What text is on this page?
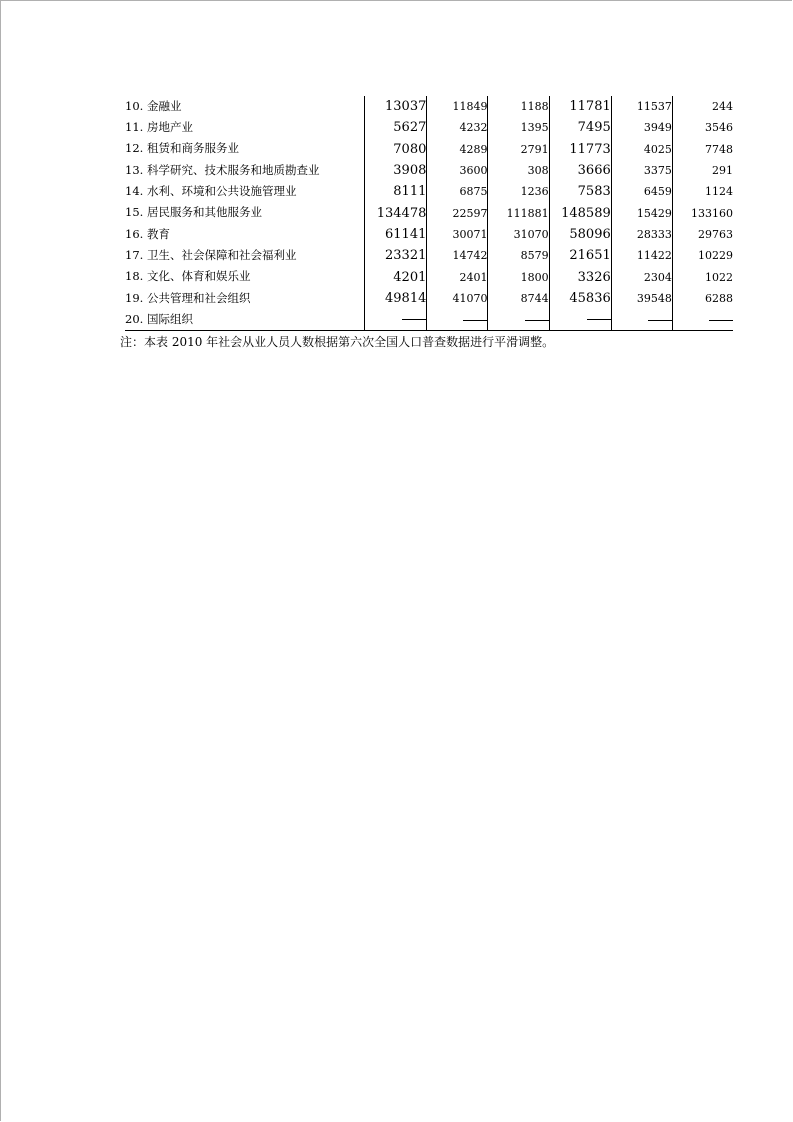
10. 金融业	13037	11849	1188	11781	11537	244
11. 房地产业	5627	4232	1395	7495	3949	3546
12. 租赁和商务服务业	7080	4289	2791	11773	4025	7748
13. 科学研究、技术服务和地质勘查业	3908	3600	308	3666	3375	291
14. 水利、环境和公共设施管理业	8111	6875	1236	7583	6459	1124
15. 居民服务和其他服务业	134478	22597	111881	148589	15429	133160
16. 教育	61141	30071	31070	58096	28333	29763
17. 卫生、社会保障和社会福利业	23321	14742	8579	21651	11422	10229
18. 文化、体育和娱乐业	4201	2401	1800	3326	2304	1022
19. 公共管理和社会组织	49814	41070	8744	45836	39548	6288
20. 国际组织						
注：本表 2010 年社会从业人员人数根据第六次全国人口普查数据进行平滑调整。
